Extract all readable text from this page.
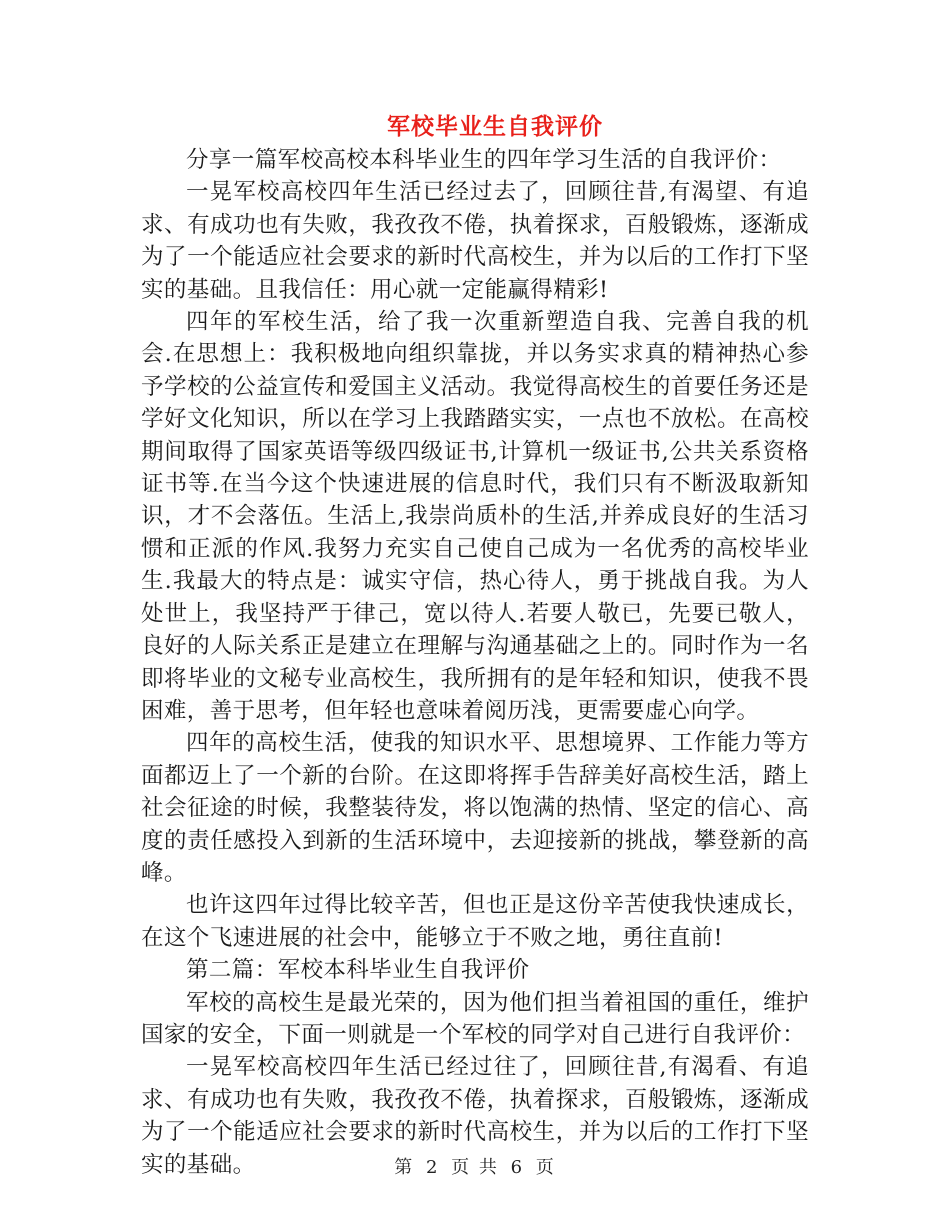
军校毕业生自我评价

分享一篇军校高校本科毕业生的四年学习生活的自我评价：

一晃军校高校四年生活已经过去了，回顾往昔,有渴望、有追求、有成功也有失败，我孜孜不倦，执着探求，百般锻炼，逐渐成为了一个能适应社会要求的新时代高校生，并为以后的工作打下坚实的基础。且我信任：用心就一定能赢得精彩!

四年的军校生活，给了我一次重新塑造自我、完善自我的机会.在思想上：我积极地向组织靠拢，并以务实求真的精神热心参予学校的公益宣传和爱国主义活动。我觉得高校生的首要任务还是学好文化知识，所以在学习上我踏踏实实，一点也不放松。在高校期间取得了国家英语等级四级证书,计算机一级证书,公共关系资格证书等.在当今这个快速进展的信息时代，我们只有不断汲取新知识，才不会落伍。生活上,我崇尚质朴的生活,并养成良好的生活习惯和正派的作风.我努力充实自己使自己成为一名优秀的高校毕业生.我最大的特点是：诚实守信，热心待人，勇于挑战自我。为人处世上，我坚持严于律己，宽以待人.若要人敬已，先要已敬人，良好的人际关系正是建立在理解与沟通基础之上的。同时作为一名即将毕业的文秘专业高校生，我所拥有的是年轻和知识，使我不畏困难，善于思考，但年轻也意味着阅历浅，更需要虚心向学。

四年的高校生活，使我的知识水平、思想境界、工作能力等方面都迈上了一个新的台阶。在这即将挥手告辞美好高校生活，踏上社会征途的时候，我整装待发，将以饱满的热情、坚定的信心、高度的责任感投入到新的生活环境中，去迎接新的挑战，攀登新的高峰。

也许这四年过得比较辛苦，但也正是这份辛苦使我快速成长，在这个飞速进展的社会中，能够立于不败之地，勇往直前!

第二篇：军校本科毕业生自我评价

军校的高校生是最光荣的，因为他们担当着祖国的重任，维护国家的安全，下面一则就是一个军校的同学对自己进行自我评价：

一晃军校高校四年生活已经过往了，回顾往昔,有渴看、有追求、有成功也有失败，我孜孜不倦，执着探求，百般锻炼，逐渐成为了一个能适应社会要求的新时代高校生，并为以后的工作打下坚实的基础。	第 2 页 共 6 页
